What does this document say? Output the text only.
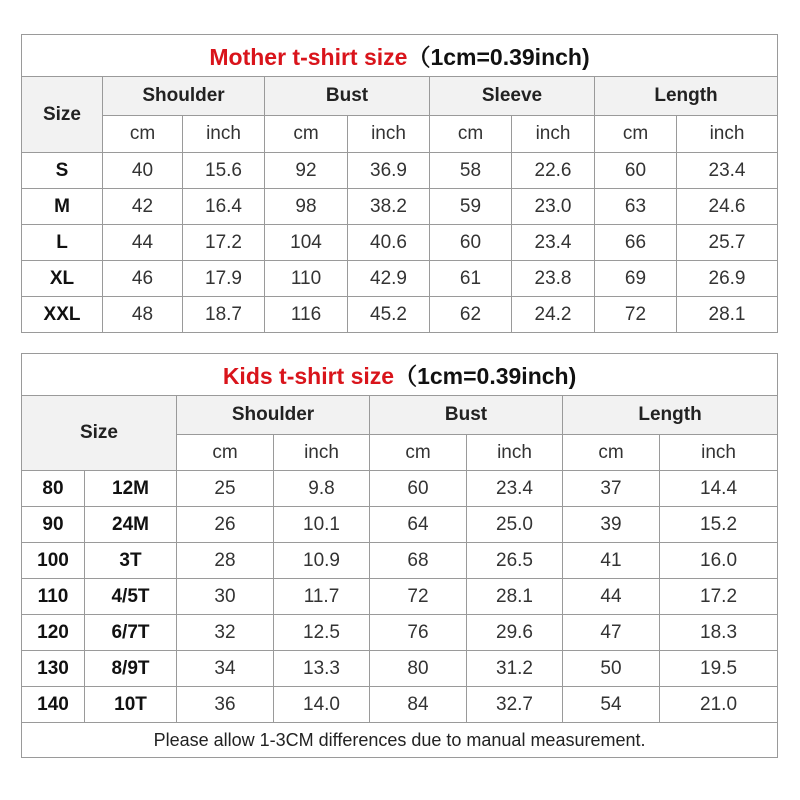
Mother t-shirt size（1cm=0.39inch)								
Size	Shoulder		Bust		Sleeve		Length	
	cm	inch	cm	inch	cm	inch	cm	inch
S	40	15.6	92	36.9	58	22.6	60	23.4
M	42	16.4	98	38.2	59	23.0	63	24.6
L	44	17.2	104	40.6	60	23.4	66	25.7
XL	46	17.9	110	42.9	61	23.8	69	26.9
XXL	48	18.7	116	45.2	62	24.2	72	28.1
Kids t-shirt size（1cm=0.39inch)							
Size		Shoulder		Bust		Length	
		cm	inch	cm	inch	cm	inch
80	12M	25	9.8	60	23.4	37	14.4
90	24M	26	10.1	64	25.0	39	15.2
100	3T	28	10.9	68	26.5	41	16.0
110	4/5T	30	11.7	72	28.1	44	17.2
120	6/7T	32	12.5	76	29.6	47	18.3
130	8/9T	34	13.3	80	31.2	50	19.5
140	10T	36	14.0	84	32.7	54	21.0
Please allow 1-3CM differences due to manual measurement.							
